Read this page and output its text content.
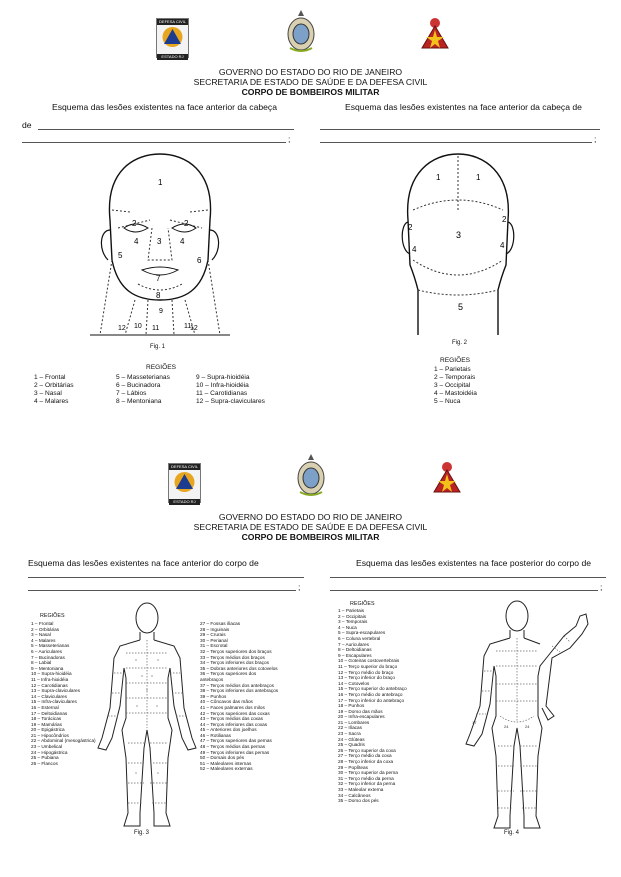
DEFESA CIVIL
ESTADO RJ
GOVERNO DO ESTADO DO RIO DE JANEIRO
SECRETARIA DE ESTADO DE SAÚDE E DA DEFESA CIVIL
CORPO DE BOMBEIROS MILITAR
Esquema das lesões existentes na face anterior da cabeça	Esquema das lesões existentes na face anterior da cabeça de
de
;	;
1
2	2
3
4	4
5
6
7
8
9
10 11	11
12	12
Fig. 1
1	1
2
2
3
4	4
5
Fig. 2
REGIÕES
1 – Frontal
2 – Orbitárias
3 – Nasal
4 – Malares
5 – Masseterianas
6 – Bucinadora
7 – Lábios
8 – Mentoniana
9 – Supra-hioidéia
10 – Infra-hioidéia
11 – Carotidianas
12 – Supra-claviculares
REGIÕES
1 – Parietais
2 – Temporais
3 – Occipital
4 – Mastoidéia
5 – Nuca
DEFESA CIVIL
ESTADO RJ
GOVERNO DO ESTADO DO RIO DE JANEIRO
SECRETARIA DE ESTADO DE SAÚDE E DA DEFESA CIVIL
CORPO DE BOMBEIROS MILITAR
Esquema das lesões existentes na face anterior do corpo de	Esquema das lesões existentes na face posterior do corpo de
;	;
REGIÕES
1 – Frontal
2 – Orbitárias
3 – Nasal
4 – Malares
5 – Masseterianas
6 – Auriculares
7 – Bucinadoras
8 – Labial
9 – Mentoniana
10 – Supra-hioidéia
11 – Infra-hioidéia
12 – Carotidianas
13 – Supra-claviculares
14 – Claviculares
15 – Infra-claviculares
16 – Esternal
17 – Deltoidianas
18 – Torácicas
19 – Mamárias
20 – Epigástrica
21 – Hipocôndrios
22 – Abdominal (mesogástrica)
23 – Umbelical
24 – Hipogástrica
25 – Pubiana
26 – Flancos
27 – Fossas ilíacas
28 – Inguinais
29 – Crurais
30 – Perianal
31 – Escrotal
32 – Terços superiores dos braços
33 – Terços médios dos braços
34 – Terços inferiores dos braços
35 – Dobras anteriores dos cotovelos
36 – Terços superiores dos
antebraços
37 – Terços médios dos antebraços
38 – Terços inferiores dos antebraços
39 – Punhos
40 – Côncavos das mãos
41 – Faces palmares dos milos
42 – Terços superiores das coxas
43 – Terços médios das coxas
44 – Terços inferiores das coxas
45 – Anteriores dos joelhos
46 – Rotilianas
47 – Terços superiores das pernas
48 – Terços médios das pernas
49 – Terços inferiores das pernas
50 – Dorsais dos pés
51 – Maleolares internas
52 – Maleolares externas
Fig. 3
REGIÕES
1 – Parietais
2 – Occipitais
3 – Temporais
4 – Nuca
5 – Supra-escapulares
6 – Coluna vertebral
7 – Auriculares
8 – Deltoidianas
9 – Escapulares
10 – Goteiras costovertebrais
11 – Terço superior do braço
12 – Terço médio do braço
13 – Terço inferior do braço
14 – Cotovelos
15 – Terço superior do antebraço
16 – Terço médio do antebraço
17 – Terço inferior do antebraço
18 – Punhos
19 – Dorso das mãos
20 – Infra-escapulares
21 – Lombares
22 – Ilíacas
23 – Sacra
24 – Glúteas
25 – Quadris
26 – Terço superior da coxa
27 – Terço médio da coxa
28 – Terço inferior da coxa
29 – Poplíteas
30 – Terço superior da perna
31 – Terço médio da perna
32 – Terço inferior da perna
33 – Maleolar externa
34 – Calcâneos
35 – Dorso dos pés
24	24
17
Fig. 4
